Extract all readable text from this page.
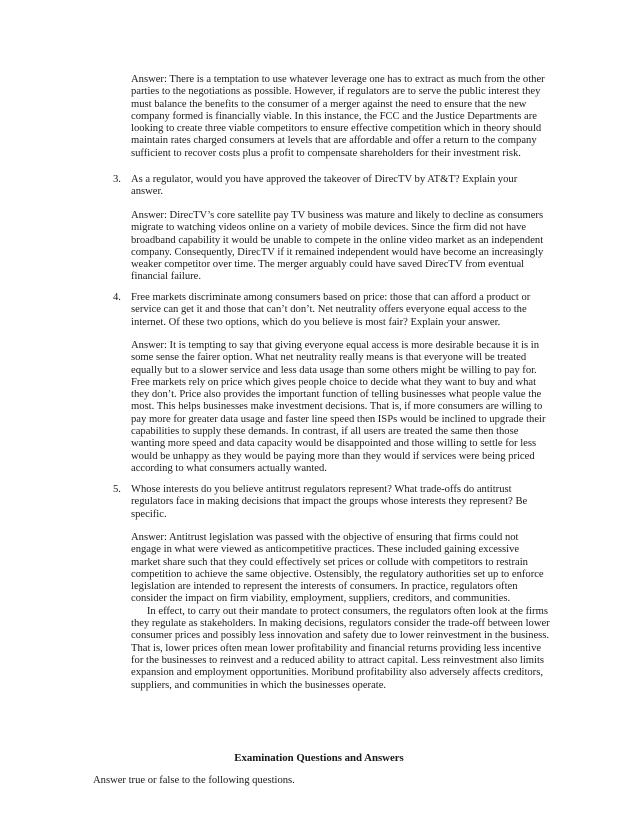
Answer: There is a temptation to use whatever leverage one has to extract as much from the other
parties to the negotiations as possible. However, if regulators are to serve the public interest they
must balance the benefits to the consumer of a merger against the need to ensure that the new
company formed is financially viable. In this instance, the FCC and the Justice Departments are
looking to create three viable competitors to ensure effective competition which in theory should
maintain rates charged consumers at levels that are affordable and offer a return to the company
sufficient to recover costs plus a profit to compensate shareholders for their investment risk.
3. As a regulator, would you have approved the takeover of DirecTV by AT&T? Explain your
answer.
Answer: DirecTV’s core satellite pay TV business was mature and likely to decline as consumers
migrate to watching videos online on a variety of mobile devices. Since the firm did not have
broadband capability it would be unable to compete in the online video market as an independent
company. Consequently, DirecTV if it remained independent would have become an increasingly
weaker competitor over time. The merger arguably could have saved DirecTV from eventual
financial failure.
4. Free markets discriminate among consumers based on price: those that can afford a product or
service can get it and those that can’t don’t. Net neutrality offers everyone equal access to the
internet. Of these two options, which do you believe is most fair? Explain your answer.
Answer: It is tempting to say that giving everyone equal access is more desirable because it is in
some sense the fairer option. What net neutrality really means is that everyone will be treated
equally but to a slower service and less data usage than some others might be willing to pay for.
Free markets rely on price which gives people choice to decide what they want to buy and what
they don’t. Price also provides the important function of telling businesses what people value the
most. This helps businesses make investment decisions. That is, if more consumers are willing to
pay more for greater data usage and faster line speed then ISPs would be inclined to upgrade their
capabilities to supply these demands. In contrast, if all users are treated the same then those
wanting more speed and data capacity would be disappointed and those willing to settle for less
would be unhappy as they would be paying more than they would if services were being priced
according to what consumers actually wanted.
5. Whose interests do you believe antitrust regulators represent? What trade-offs do antitrust
regulators face in making decisions that impact the groups whose interests they represent? Be
specific.
Answer: Antitrust legislation was passed with the objective of ensuring that firms could not
engage in what were viewed as anticompetitive practices. These included gaining excessive
market share such that they could effectively set prices or collude with competitors to restrain
competition to achieve the same objective. Ostensibly, the regulatory authorities set up to enforce
legislation are intended to represent the interests of consumers. In practice, regulators often
consider the impact on firm viability, employment, suppliers, creditors, and communities.
In effect, to carry out their mandate to protect consumers, the regulators often look at the firms
they regulate as stakeholders. In making decisions, regulators consider the trade-off between lower
consumer prices and possibly less innovation and safety due to lower reinvestment in the business.
That is, lower prices often mean lower profitability and financial returns providing less incentive
for the businesses to reinvest and a reduced ability to attract capital. Less reinvestment also limits
expansion and employment opportunities. Moribund profitability also adversely affects creditors,
suppliers, and communities in which the businesses operate.
Examination Questions and Answers
Answer true or false to the following questions.
